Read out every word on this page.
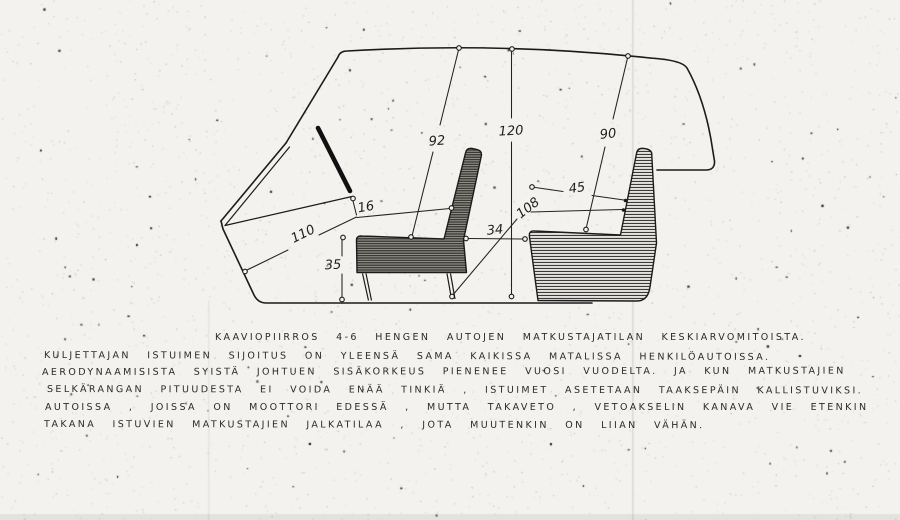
92
120	90
45
108
34
16
110
35
KAAVIOPIIRROS 4-6 HENGEN AUTOJEN MATKUSTAJATILAN KESKIARVOMITOISTA.
KULJETTAJAN ISTUIMEN SIJOITUS ON YLEENSÄ SAMA KAIKISSA MATALISSA HENKILÖAUTOISSA.
AERODYNAAMISISTA SYISTÄ JOHTUEN SISÄKORKEUS PIENENEE VUOSI VUODELTA. JA KUN MATKUSTAJIEN
SELKÄRANGAN PITUUDESTA EI VOIDA ENÄÄ TINKIÄ , ISTUIMET ASETETAAN TAAKSEPÄIN KALLISTUVIKSI.
AUTOISSA , JOISSA ON MOOTTORI EDESSÄ , MUTTA TAKAVETO , VETOAKSELIN KANAVA VIE ETENKIN
TAKANA ISTUVIEN MATKUSTAJIEN JALKATILAA , JOTA MUUTENKIN ON LIIAN VÄHÄN.
